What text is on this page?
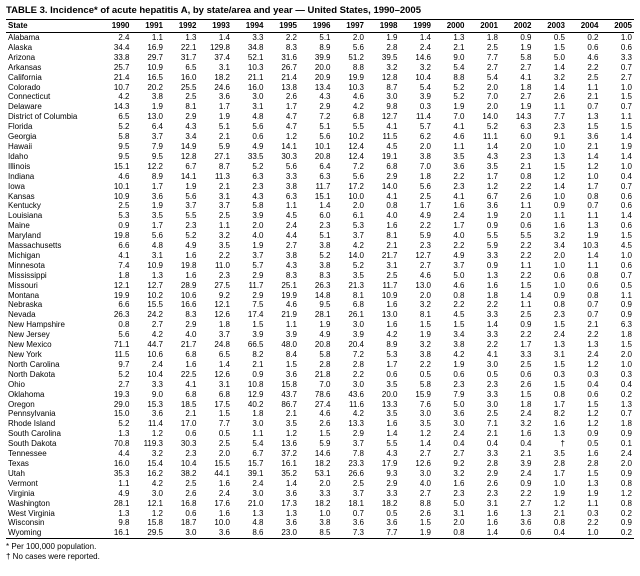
TABLE 3. Incidence* of acute hepatitis A, by state/area and year — United States, 1990–2005
State	1990	1991	1992	1993	1994	1995	1996	1997	1998	1999	2000	2001	2002	2003	2004	2005
Alabama	2.4	1.1	1.3	1.4	3.3	2.2	5.1	2.0	1.9	1.4	1.3	1.8	0.9	0.5	0.2	1.0
Alaska	34.4	16.9	22.1	129.8	34.8	8.3	8.9	5.6	2.8	2.4	2.1	2.5	1.9	1.5	0.6	0.6
Arizona	33.8	29.7	31.7	37.4	52.1	31.6	39.9	51.2	39.5	14.6	9.0	7.7	5.8	5.0	4.6	3.3
Arkansas	25.7	10.9	6.5	3.1	10.3	26.7	20.0	8.8	3.2	3.2	5.4	2.7	2.7	1.4	2.2	0.7
California	21.4	16.5	16.0	18.2	21.1	21.4	20.9	19.9	12.8	10.4	8.8	5.4	4.1	3.2	2.5	2.7
Colorado	10.7	20.2	25.5	24.6	16.0	13.8	13.4	10.3	8.7	5.4	5.2	2.0	1.8	1.4	1.1	1.0
Connecticut	4.2	3.8	2.5	3.6	3.0	2.6	4.3	4.6	3.0	3.9	5.2	7.0	2.7	2.6	2.1	1.5
Delaware	14.3	1.9	8.1	1.7	3.1	1.7	2.9	4.2	9.8	0.3	1.9	2.0	1.9	1.1	0.7	0.7
District of Columbia	6.5	13.0	2.9	1.9	4.8	4.7	7.2	6.8	12.7	11.4	7.0	14.0	14.3	7.7	1.3	1.1
Florida	5.2	6.4	4.3	5.1	5.6	4.7	5.1	5.5	4.1	5.7	4.1	5.2	6.3	2.3	1.5	1.5
Georgia	5.8	3.7	3.4	2.1	0.6	1.2	5.6	10.2	11.5	6.2	4.6	11.1	6.0	9.1	3.6	1.4
Hawaii	9.5	7.9	14.9	5.9	4.9	14.1	10.1	12.4	4.5	2.0	1.1	1.4	2.0	1.0	2.1	1.9
Idaho	9.5	9.5	12.8	27.1	33.5	30.3	20.8	12.4	19.1	3.8	3.5	4.3	2.3	1.3	1.4	1.4
Illinois	15.1	12.2	6.7	8.7	5.2	5.6	6.4	7.2	6.8	7.0	3.6	3.5	2.1	1.5	1.2	1.0
Indiana	4.6	8.9	14.1	11.3	6.3	3.3	6.3	5.6	2.9	1.8	2.2	1.7	0.8	1.2	1.0	0.4
Iowa	10.1	1.7	1.9	2.1	2.3	3.8	11.7	17.2	14.0	5.6	2.3	1.2	2.2	1.4	1.7	0.7
Kansas	10.9	3.6	5.6	3.1	4.3	6.3	15.1	10.0	4.1	2.5	4.1	6.7	2.6	1.0	0.8	0.6
Kentucky	2.5	1.9	3.7	3.7	5.8	1.1	1.4	2.0	0.8	1.7	1.6	3.6	1.1	0.9	0.7	0.6
Louisiana	5.3	3.5	5.5	2.5	3.9	4.5	6.0	6.1	4.0	4.9	2.4	1.9	2.0	1.1	1.1	1.4
Maine	0.9	1.7	2.3	1.1	2.0	2.4	2.3	5.3	1.6	2.2	1.7	0.9	0.6	1.6	1.3	0.6
Maryland	19.8	5.6	5.2	3.2	4.0	4.4	5.1	3.7	8.1	5.9	4.0	5.5	5.5	3.2	1.9	1.5
Massachusetts	6.6	4.8	4.9	3.5	1.9	2.7	3.8	4.2	2.1	2.3	2.2	5.9	2.2	3.4	10.3	4.5
Michigan	4.1	3.1	1.6	2.2	3.7	3.8	5.2	14.0	21.7	12.7	4.9	3.3	2.2	2.0	1.4	1.0
Minnesota	7.4	10.9	19.8	11.0	5.7	4.3	3.8	5.2	3.1	2.7	3.7	0.9	1.1	1.0	1.1	0.6
Mississippi	1.8	1.3	1.6	2.3	2.9	8.3	8.3	3.5	2.5	4.6	5.0	1.3	2.2	0.6	0.8	0.7
Missouri	12.1	12.7	28.9	27.5	11.7	25.1	26.3	21.3	11.7	13.0	4.6	1.6	1.5	1.0	0.6	0.5
Montana	19.9	10.2	10.6	9.2	2.9	19.9	14.8	8.1	10.9	2.0	0.8	1.8	1.4	0.9	0.8	1.1
Nebraska	6.6	15.5	16.6	12.1	7.5	4.6	9.5	6.8	1.6	3.2	2.2	2.2	1.1	0.8	0.7	0.9
Nevada	26.3	24.2	8.3	12.6	17.4	21.9	28.1	26.1	13.0	8.1	4.5	3.3	2.5	2.3	0.7	0.9
New Hampshire	0.8	2.7	2.9	1.8	1.5	1.1	1.9	3.0	1.6	1.5	1.5	1.4	0.9	1.5	2.1	6.3
New Jersey	5.6	4.2	4.0	3.7	3.9	3.9	4.9	3.9	4.2	1.9	3.4	3.3	2.2	2.4	2.2	1.8
New Mexico	71.1	44.7	21.7	24.8	66.5	48.0	20.8	20.4	8.9	3.2	3.8	2.2	1.7	1.3	1.3	1.5
New York	11.5	10.6	6.8	6.5	8.2	8.4	5.8	7.2	5.3	3.8	4.2	4.1	3.3	3.1	2.4	2.0
North Carolina	9.7	2.4	1.6	1.4	2.1	1.5	2.8	2.8	1.7	2.2	1.9	3.0	2.5	1.5	1.2	1.0
North Dakota	5.2	10.4	22.5	12.6	0.9	3.6	21.8	2.2	0.6	0.5	0.6	0.5	0.6	0.3	0.3	0.3
Ohio	2.7	3.3	4.1	3.1	10.8	15.8	7.0	3.0	3.5	5.8	2.3	2.3	2.6	1.5	0.4	0.4
Oklahoma	19.3	9.0	6.8	6.8	12.9	43.7	78.6	43.6	20.0	15.9	7.9	3.3	1.5	0.8	0.6	0.2
Oregon	29.0	15.3	18.5	17.5	40.2	86.7	27.4	11.6	13.3	7.6	5.0	3.0	1.8	1.7	1.5	1.3
Pennsylvania	15.0	3.6	2.1	1.5	1.8	2.1	4.6	4.2	3.5	3.0	3.6	2.5	2.4	8.2	1.2	0.7
Rhode Island	5.2	11.4	17.0	7.7	3.0	3.5	2.6	13.3	1.6	3.5	3.0	7.1	3.2	1.6	1.2	1.8
South Carolina	1.3	1.2	0.6	0.5	1.1	1.2	1.5	2.9	1.4	1.2	2.4	2.1	1.6	1.3	0.9	0.9
South Dakota	70.8	119.3	30.3	2.5	5.4	13.6	5.9	3.7	5.5	1.4	0.4	0.4	0.4	†	0.5	0.1
Tennessee	4.4	3.2	2.3	2.0	6.7	37.2	14.6	7.8	4.3	2.7	2.7	3.3	2.1	3.5	1.6	2.4
Texas	16.0	15.4	10.4	15.5	15.7	16.1	18.2	23.3	17.9	12.6	9.2	2.8	3.9	2.8	2.8	2.0
Utah	35.3	16.2	38.2	44.1	39.1	35.2	53.1	26.6	9.3	3.0	3.2	2.9	2.4	1.7	1.5	0.9
Vermont	1.1	4.2	2.5	1.6	2.4	1.4	2.0	2.5	2.9	4.0	1.6	2.6	0.9	1.0	1.3	0.8
Virginia	4.9	3.0	2.6	2.4	3.0	3.6	3.3	3.7	3.3	2.7	2.3	2.3	2.2	1.9	1.9	1.2
Washington	28.1	12.1	16.8	17.6	21.0	17.3	18.2	18.1	18.2	8.8	5.0	3.1	2.7	1.2	1.1	0.8
West Virginia	1.3	1.2	0.6	1.6	1.3	1.3	1.0	0.7	0.5	2.6	3.1	1.6	1.3	2.1	0.3	0.2
Wisconsin	9.8	15.8	18.7	10.0	4.8	3.6	3.8	3.6	3.6	1.5	2.0	1.6	3.6	0.8	2.2	0.9
Wyoming	16.1	29.5	3.0	3.6	8.6	23.0	8.5	7.3	7.7	1.9	0.8	1.4	0.6	0.4	1.0	0.2
* Per 100,000 population.
† No cases were reported.
